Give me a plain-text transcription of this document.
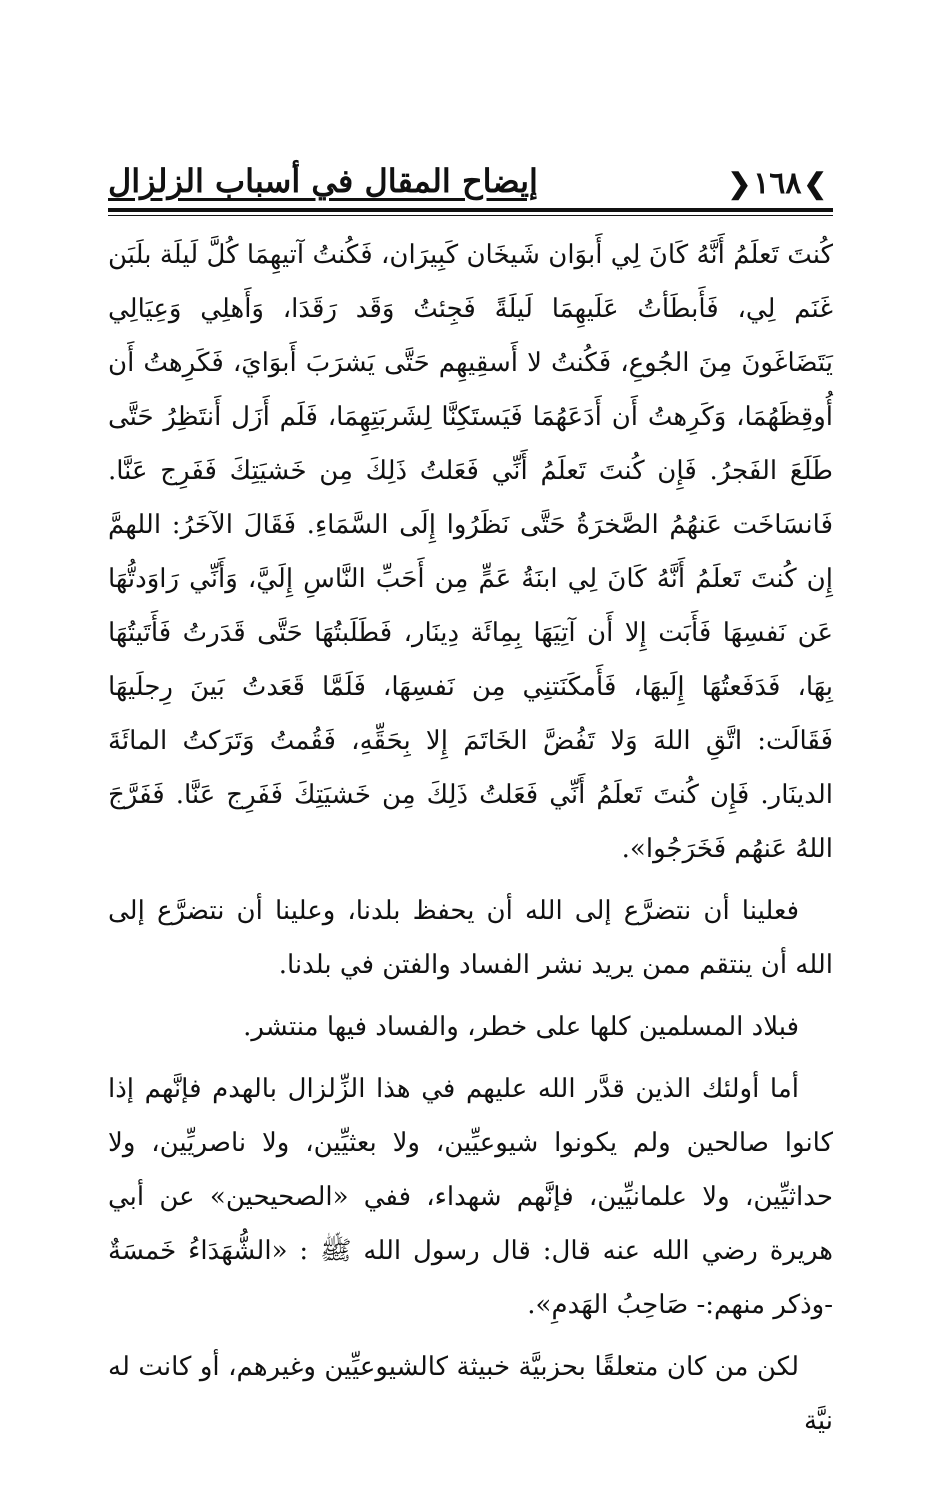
❯ ١٦٨ ❮
إيضاح المقال في أسباب الزلزال

كُنتَ تَعلَمُ أَنَّهُ كَانَ لِي أَبوَان شَيخَان كَبِيرَان، فَكُنتُ آتيهِمَا كُلَّ لَيلَة بلَبَن غَنَم لِي، فَأَبطَأتُ عَلَيهِمَا لَيلَةً فَجِئتُ وَقَد رَقَدَا، وَأَهلِي وَعِيَالِي يَتَضَاغَونَ مِنَ الجُوعِ، فَكُنتُ لا أَسقِيهِم حَتَّى يَشرَبَ أَبوَايَ، فَكَرِهتُ أَن أُوقِظَهُمَا، وَكَرِهتُ أَن أَدَعَهُمَا فَيَستَكِنَّا لِشَربَتِهِمَا، فَلَم أَزَل أَنتَظِرُ حَتَّى طَلَعَ الفَجرُ. فَإِن كُنتَ تَعلَمُ أَنِّي فَعَلتُ ذَلِكَ مِن خَشيَتِكَ فَفَرِج عَنَّا. فَانسَاخَت عَنهُمُ الصَّخرَةُ حَتَّى نَظَرُوا إِلَى السَّمَاءِ. فَقَالَ الآخَرُ: اللهمَّ إِن كُنتَ تَعلَمُ أَنَّهُ كَانَ لِي ابنَةُ عَمٍّ مِن أَحَبِّ النَّاسِ إِلَيَّ، وَأَنِّي رَاوَدتُّهَا عَن نَفسِهَا فَأَبَت إِلا أَن آتِيَهَا بِمِائَة دِينَار، فَطَلَبتُهَا حَتَّى قَدَرتُ فَأَتَيتُهَا بِهَا، فَدَفَعتُهَا إِلَيهَا، فَأَمكَنَتنِي مِن نَفسِهَا، فَلَمَّا قَعَدتُ بَينَ رِجلَيهَا فَقَالَت: اتَّقِ اللهَ وَلا تَفُضَّ الخَاتَمَ إِلا بِحَقِّهِ، فَقُمتُ وَتَرَكتُ المائَةَ الدينَار. فَإِن كُنتَ تَعلَمُ أَنِّي فَعَلتُ ذَلِكَ مِن خَشيَتِكَ فَفَرِج عَنَّا. فَفَرَّجَ اللهُ عَنهُم فَخَرَجُوا».

فعلينا أن نتضرَّع إلى الله أن يحفظ بلدنا، وعلينا أن نتضرَّع إلى الله أن ينتقم ممن يريد نشر الفساد والفتن في بلدنا.

فبلاد المسلمين كلها على خطر، والفساد فيها منتشر.

أما أولئك الذين قدَّر الله عليهم في هذا الزِّلزال بالهدم فإنَّهم إذا كانوا صالحين ولم يكونوا شيوعيِّين، ولا بعثيِّين، ولا ناصريِّين، ولا حداثيِّين، ولا علمانيِّين، فإنَّهم شهداء، ففي «الصحيحين» عن أبي هريرة رضي الله عنه قال: قال رسول الله ﷺ : «الشُّهَدَاءُ خَمسَةٌ -وذكر منهم:- صَاحِبُ الهَدمِ».

لكن من كان متعلقًا بحزبيَّة خبيثة كالشيوعيِّين وغيرهم، أو كانت له نيَّة
